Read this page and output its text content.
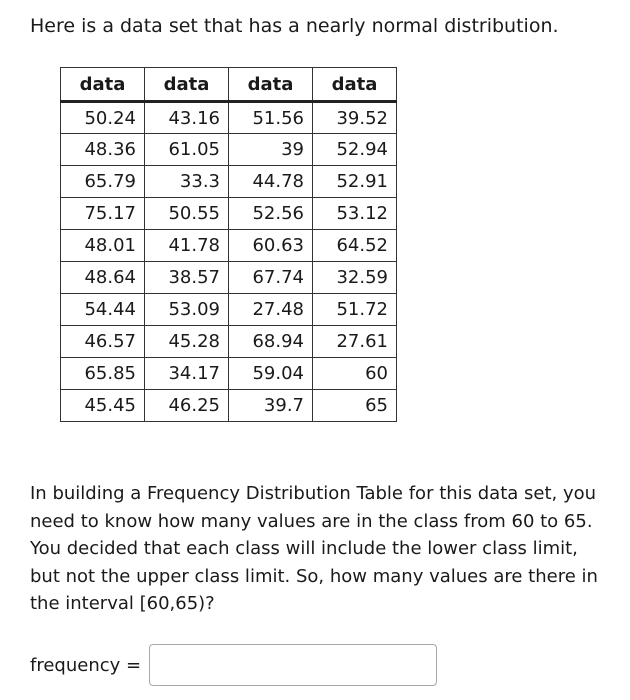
Here is a data set that has a nearly normal distribution.
data	data	data	data
50.24	43.16	51.56	39.52
48.36	61.05	39	52.94
65.79	33.3	44.78	52.91
75.17	50.55	52.56	53.12
48.01	41.78	60.63	64.52
48.64	38.57	67.74	32.59
54.44	53.09	27.48	51.72
46.57	45.28	68.94	27.61
65.85	34.17	59.04	60
45.45	46.25	39.7	65
In building a Frequency Distribution Table for this data set, you need to know how many values are in the class from 60 to 65. You decided that each class will include the lower class limit, but not the upper class limit. So, how many values are there in the interval [60,65)?
frequency =
